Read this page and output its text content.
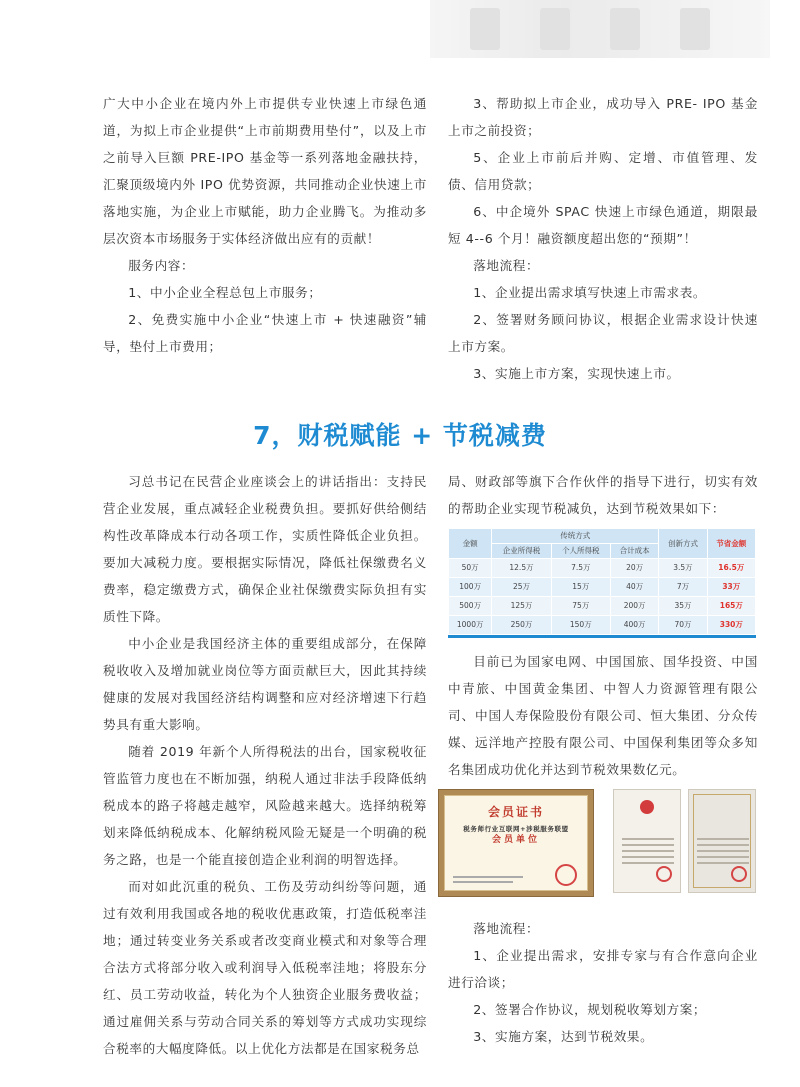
广大中小企业在境内外上市提供专业快速上市绿色通道，为拟上市企业提供“上市前期费用垫付”，以及上市之前导入巨额 PRE-IPO 基金等一系列落地金融扶持，汇聚顶级境内外 IPO 优势资源，共同推动企业快速上市落地实施，为企业上市赋能，助力企业腾飞。为推动多层次资本市场服务于实体经济做出应有的贡献！

服务内容：

1、中小企业全程总包上市服务；

2、免费实施中小企业“快速上市 + 快速融资”辅导，垫付上市费用；

3、帮助拟上市企业，成功导入 PRE- IPO 基金上市之前投资；

5、企业上市前后并购、定增、市值管理、发债、信用贷款；

6、中企境外 SPAC 快速上市绿色通道，期限最短 4--6 个月！融资额度超出您的“预期”！

落地流程：

1、企业提出需求填写快速上市需求表。

2、签署财务顾问协议，根据企业需求设计快速上市方案。

3、实施上市方案，实现快速上市。

7，财税赋能 + 节税减费

习总书记在民营企业座谈会上的讲话指出：支持民营企业发展，重点减轻企业税费负担。要抓好供给侧结构性改革降成本行动各项工作，实质性降低企业负担。要加大减税力度。要根据实际情况，降低社保缴费名义费率，稳定缴费方式，确保企业社保缴费实际负担有实质性下降。

中小企业是我国经济主体的重要组成部分，在保障税收收入及增加就业岗位等方面贡献巨大，因此其持续健康的发展对我国经济结构调整和应对经济增速下行趋势具有重大影响。

随着 2019 年新个人所得税法的出台，国家税收征管监管力度也在不断加强，纳税人通过非法手段降低纳税成本的路子将越走越窄，风险越来越大。选择纳税筹划来降低纳税成本、化解纳税风险无疑是一个明确的税务之路，也是一个能直接创造企业利润的明智选择。

而对如此沉重的税负、工伤及劳动纠纷等问题，通过有效利用我国或各地的税收优惠政策，打造低税率洼地；通过转变业务关系或者改变商业模式和对象等合理合法方式将部分收入或利润导入低税率洼地；将股东分红、员工劳动收益，转化为个人独资企业服务费收益；通过雇佣关系与劳动合同关系的筹划等方式成功实现综合税率的大幅度降低。以上优化方法都是在国家税务总

局、财政部等旗下合作伙伴的指导下进行，切实有效的帮助企业实现节税减负，达到节税效果如下：

金额	传统方式			创新方式	节省金额
	企业所得税	个人所得税	合计成本		
50万	12.5万	7.5万	20万	3.5万	16.5万
100万	25万	15万	40万	7万	33万
500万	125万	75万	200万	35万	165万
1000万	250万	150万	400万	70万	330万

目前已为国家电网、中国国旅、国华投资、中国中青旅、中国黄金集团、中智人力资源管理有限公司、中国人寿保险股份有限公司、恒大集团、分众传媒、远洋地产控股有限公司、中国保利集团等众多知名集团成功优化并达到节税效果数亿元。

会员证书
税务师行业互联网+涉税服务联盟
会员单位

落地流程：

1、企业提出需求，安排专家与有合作意向企业进行洽谈；

2、签署合作协议，规划税收筹划方案；

3、实施方案，达到节税效果。
